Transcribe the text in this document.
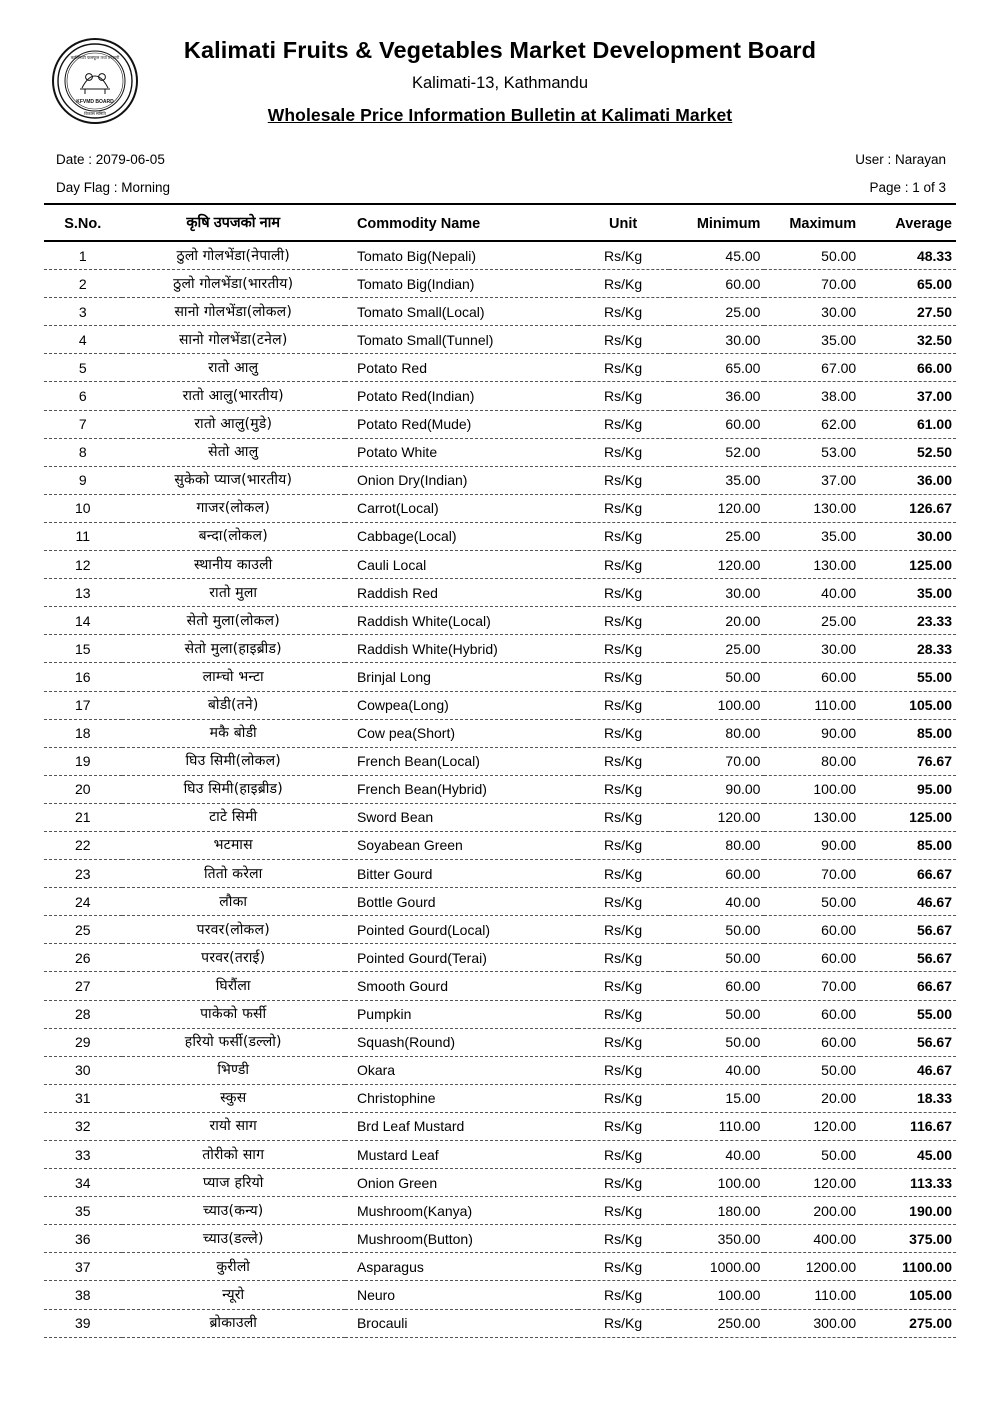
कालिमाटी फलफूल तथा तरकारी
विकास समिति
KFVMD BOARD
Kalimati Fruits & Vegetables Market Development Board
Kalimati-13, Kathmandu
Wholesale Price Information Bulletin at Kalimati Market
Date : 2079-06-05	User : Narayan
Day Flag : Morning	Page : 1 of 3
S.No.	कृषि उपजको नाम	Commodity Name	Unit	Minimum	Maximum	Average
1	ठुलो गोलभेंडा(नेपाली)	Tomato Big(Nepali)	Rs/Kg	45.00	50.00	48.33
2	ठुलो गोलभेंडा(भारतीय)	Tomato Big(Indian)	Rs/Kg	60.00	70.00	65.00
3	सानो गोलभेंडा(लोकल)	Tomato Small(Local)	Rs/Kg	25.00	30.00	27.50
4	सानो गोलभेंडा(टनेल)	Tomato Small(Tunnel)	Rs/Kg	30.00	35.00	32.50
5	रातो आलु	Potato Red	Rs/Kg	65.00	67.00	66.00
6	रातो आलु(भारतीय)	Potato Red(Indian)	Rs/Kg	36.00	38.00	37.00
7	रातो आलु(मुडे)	Potato Red(Mude)	Rs/Kg	60.00	62.00	61.00
8	सेतो आलु	Potato White	Rs/Kg	52.00	53.00	52.50
9	सुकेको प्याज(भारतीय)	Onion Dry(Indian)	Rs/Kg	35.00	37.00	36.00
10	गाजर(लोकल)	Carrot(Local)	Rs/Kg	120.00	130.00	126.67
11	बन्दा(लोकल)	Cabbage(Local)	Rs/Kg	25.00	35.00	30.00
12	स्थानीय काउली	Cauli Local	Rs/Kg	120.00	130.00	125.00
13	रातो मुला	Raddish Red	Rs/Kg	30.00	40.00	35.00
14	सेतो मुला(लोकल)	Raddish White(Local)	Rs/Kg	20.00	25.00	23.33
15	सेतो मुला(हाइब्रीड)	Raddish White(Hybrid)	Rs/Kg	25.00	30.00	28.33
16	लाम्चो भन्टा	Brinjal Long	Rs/Kg	50.00	60.00	55.00
17	बोडी(तने)	Cowpea(Long)	Rs/Kg	100.00	110.00	105.00
18	मकै बोडी	Cow pea(Short)	Rs/Kg	80.00	90.00	85.00
19	घिउ सिमी(लोकल)	French Bean(Local)	Rs/Kg	70.00	80.00	76.67
20	घिउ सिमी(हाइब्रीड)	French Bean(Hybrid)	Rs/Kg	90.00	100.00	95.00
21	टाटे सिमी	Sword Bean	Rs/Kg	120.00	130.00	125.00
22	भटमास	Soyabean Green	Rs/Kg	80.00	90.00	85.00
23	तितो करेला	Bitter Gourd	Rs/Kg	60.00	70.00	66.67
24	लौका	Bottle Gourd	Rs/Kg	40.00	50.00	46.67
25	परवर(लोकल)	Pointed Gourd(Local)	Rs/Kg	50.00	60.00	56.67
26	परवर(तराई)	Pointed Gourd(Terai)	Rs/Kg	50.00	60.00	56.67
27	घिरौंला	Smooth Gourd	Rs/Kg	60.00	70.00	66.67
28	पाकेको फर्सी	Pumpkin	Rs/Kg	50.00	60.00	55.00
29	हरियो फर्सी(डल्लो)	Squash(Round)	Rs/Kg	50.00	60.00	56.67
30	भिण्डी	Okara	Rs/Kg	40.00	50.00	46.67
31	स्कुस	Christophine	Rs/Kg	15.00	20.00	18.33
32	रायो साग	Brd Leaf Mustard	Rs/Kg	110.00	120.00	116.67
33	तोरीको साग	Mustard Leaf	Rs/Kg	40.00	50.00	45.00
34	प्याज हरियो	Onion Green	Rs/Kg	100.00	120.00	113.33
35	च्याउ(कन्य)	Mushroom(Kanya)	Rs/Kg	180.00	200.00	190.00
36	च्याउ(डल्ले)	Mushroom(Button)	Rs/Kg	350.00	400.00	375.00
37	कुरीलो	Asparagus	Rs/Kg	1000.00	1200.00	1100.00
38	न्यूरो	Neuro	Rs/Kg	100.00	110.00	105.00
39	ब्रोकाउली	Brocauli	Rs/Kg	250.00	300.00	275.00
